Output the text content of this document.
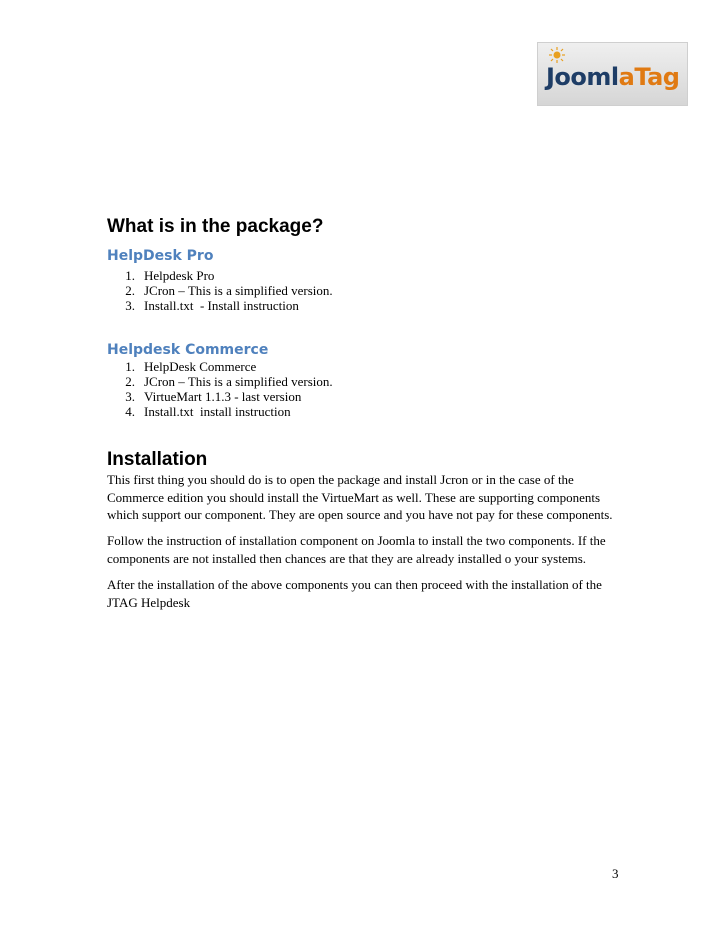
JoomlaTag
What is in the package?
HelpDesk Pro
1. Helpdesk Pro
2. JCron – This is a simplified version.
3. Install.txt  - Install instruction
Helpdesk Commerce
1. HelpDesk Commerce
2. JCron – This is a simplified version.
3. VirtueMart 1.1.3 - last version
4. Install.txt  install instruction
Installation

This first thing you should do is to open the package and install Jcron or in the case of the Commerce edition you should install the VirtueMart as well. These are supporting components which support our component. They are open source and you have not pay for these components.

Follow the instruction of installation component on Joomla to install the two components. If the components are not installed then chances are that they are already installed o your systems.

After the installation of the above components you can then proceed with the installation of the JTAG Helpdesk

3
